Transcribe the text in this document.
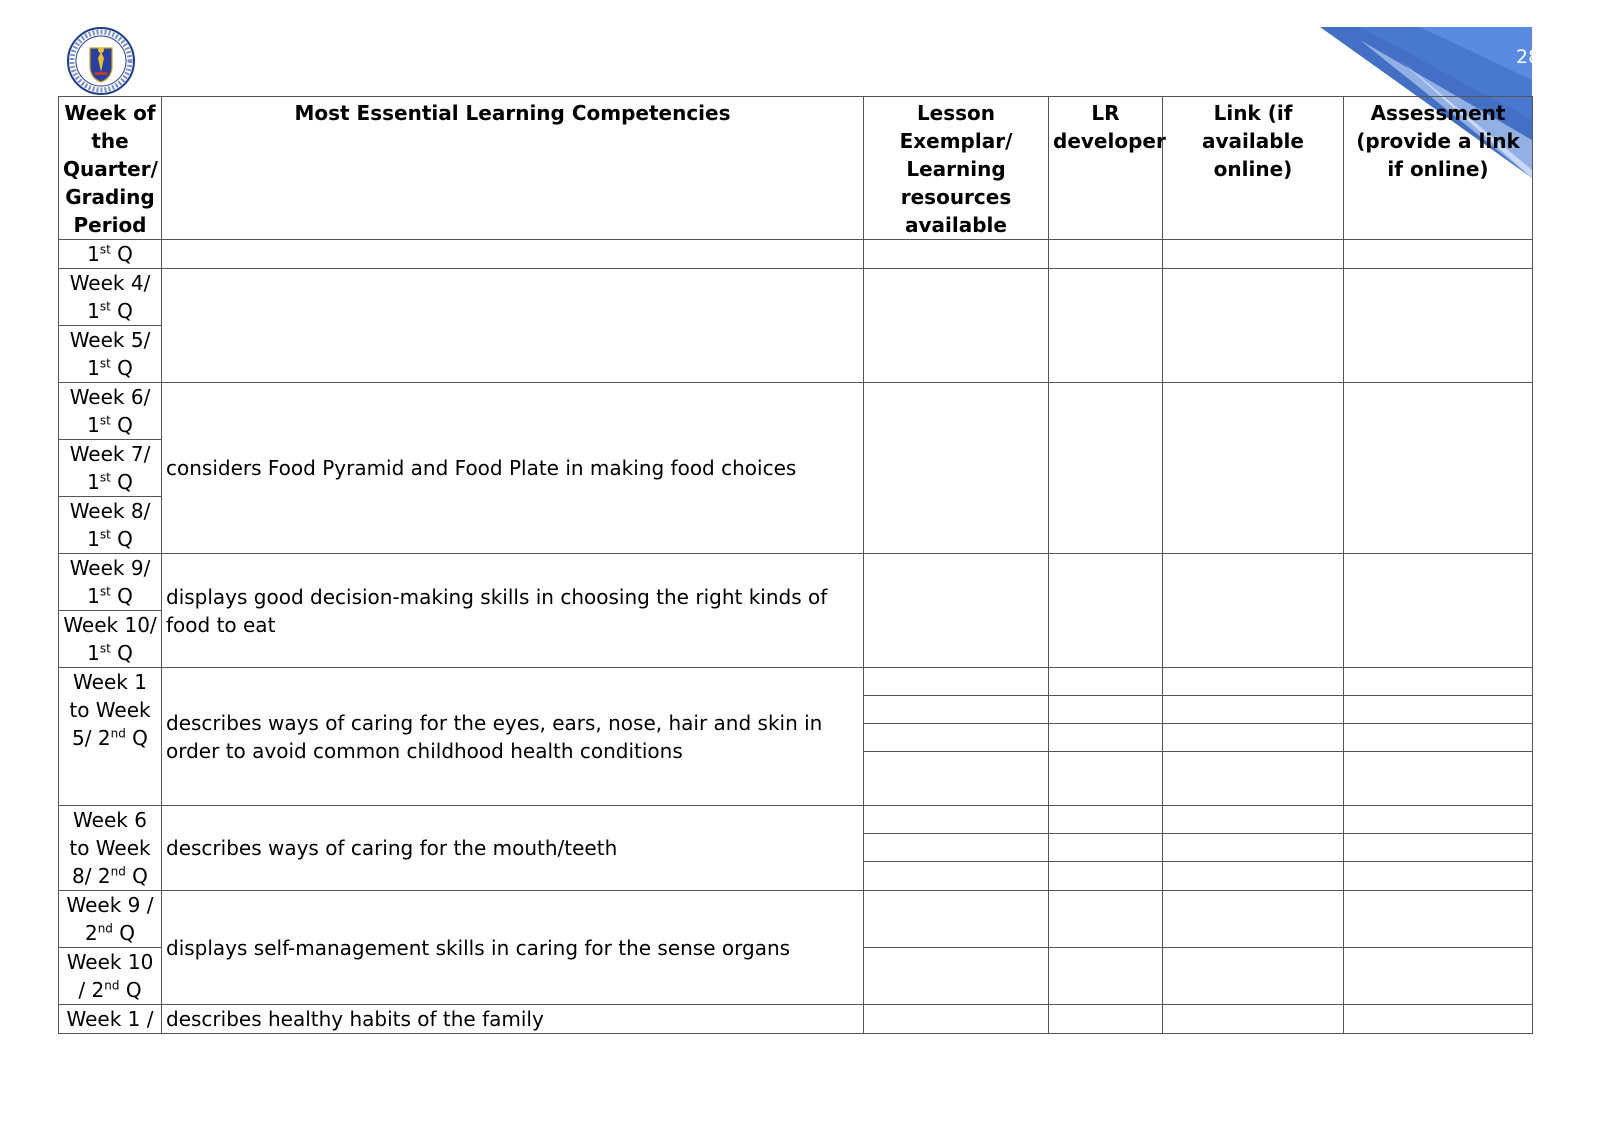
289
Week of the Quarter/ Grading Period	Most Essential Learning Competencies	Lesson Exemplar/ Learning resources available	LR developer	Link (if available online)	Assessment (provide a link if online)
1st Q					
Week 4/ 1st Q					
Week 5/ 1st Q					
Week 6/ 1st Q	considers Food Pyramid and Food Plate in making food choices				
Week 7/ 1st Q					
Week 8/ 1st Q					
Week 9/ 1st Q	displays good decision-making skills in choosing the right kinds of food to eat				
Week 10/ 1st Q					
Week 1 to Week 5/ 2nd Q	describes ways of caring for the eyes, ears, nose, hair and skin in order to avoid common childhood health conditions				

Week 6 to Week 8/ 2nd Q	describes ways of caring for the mouth/teeth				

Week 9 / 2nd Q	displays self-management skills in caring for the sense organs				
Week 10 / 2nd Q					
Week 1 /	describes healthy habits of the family				
